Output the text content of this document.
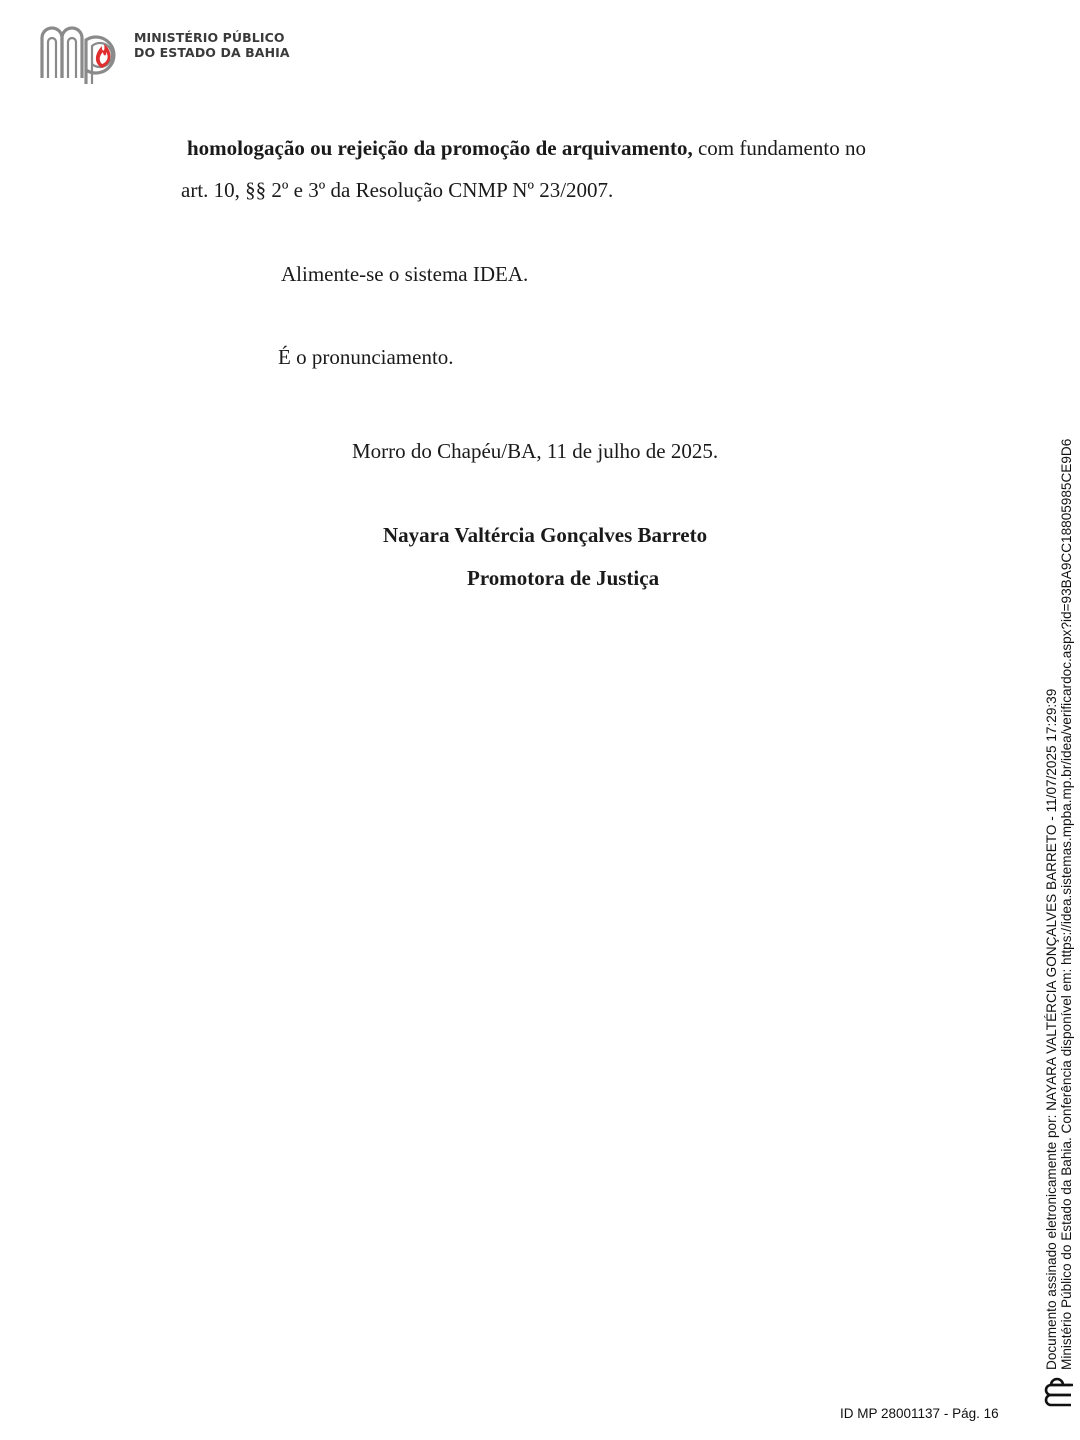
MINISTÉRIO PÚBLICO
DO ESTADO DA BAHIA
homologação ou rejeição da promoção de arquivamento, com fundamento no
art. 10, §§ 2º e 3º da Resolução CNMP Nº 23/2007.
Alimente-se o sistema IDEA.
É o pronunciamento.
Morro do Chapéu/BA, 11 de julho de 2025.
Nayara Valtércia Gonçalves Barreto
Promotora de Justiça
Documento assinado eletronicamente por: NAYARA VALTÉRCIA GONÇALVES BARRETO - 11/07/2025 17:29:39 Ministério Público do Estado da Bahia. Conferência disponível em: https://idea.sistemas.mpba.mp.br/idea/verificardoc.aspx?id=93BA9CC18805985CE9D6
ID MP 28001137 - Pág. 16
